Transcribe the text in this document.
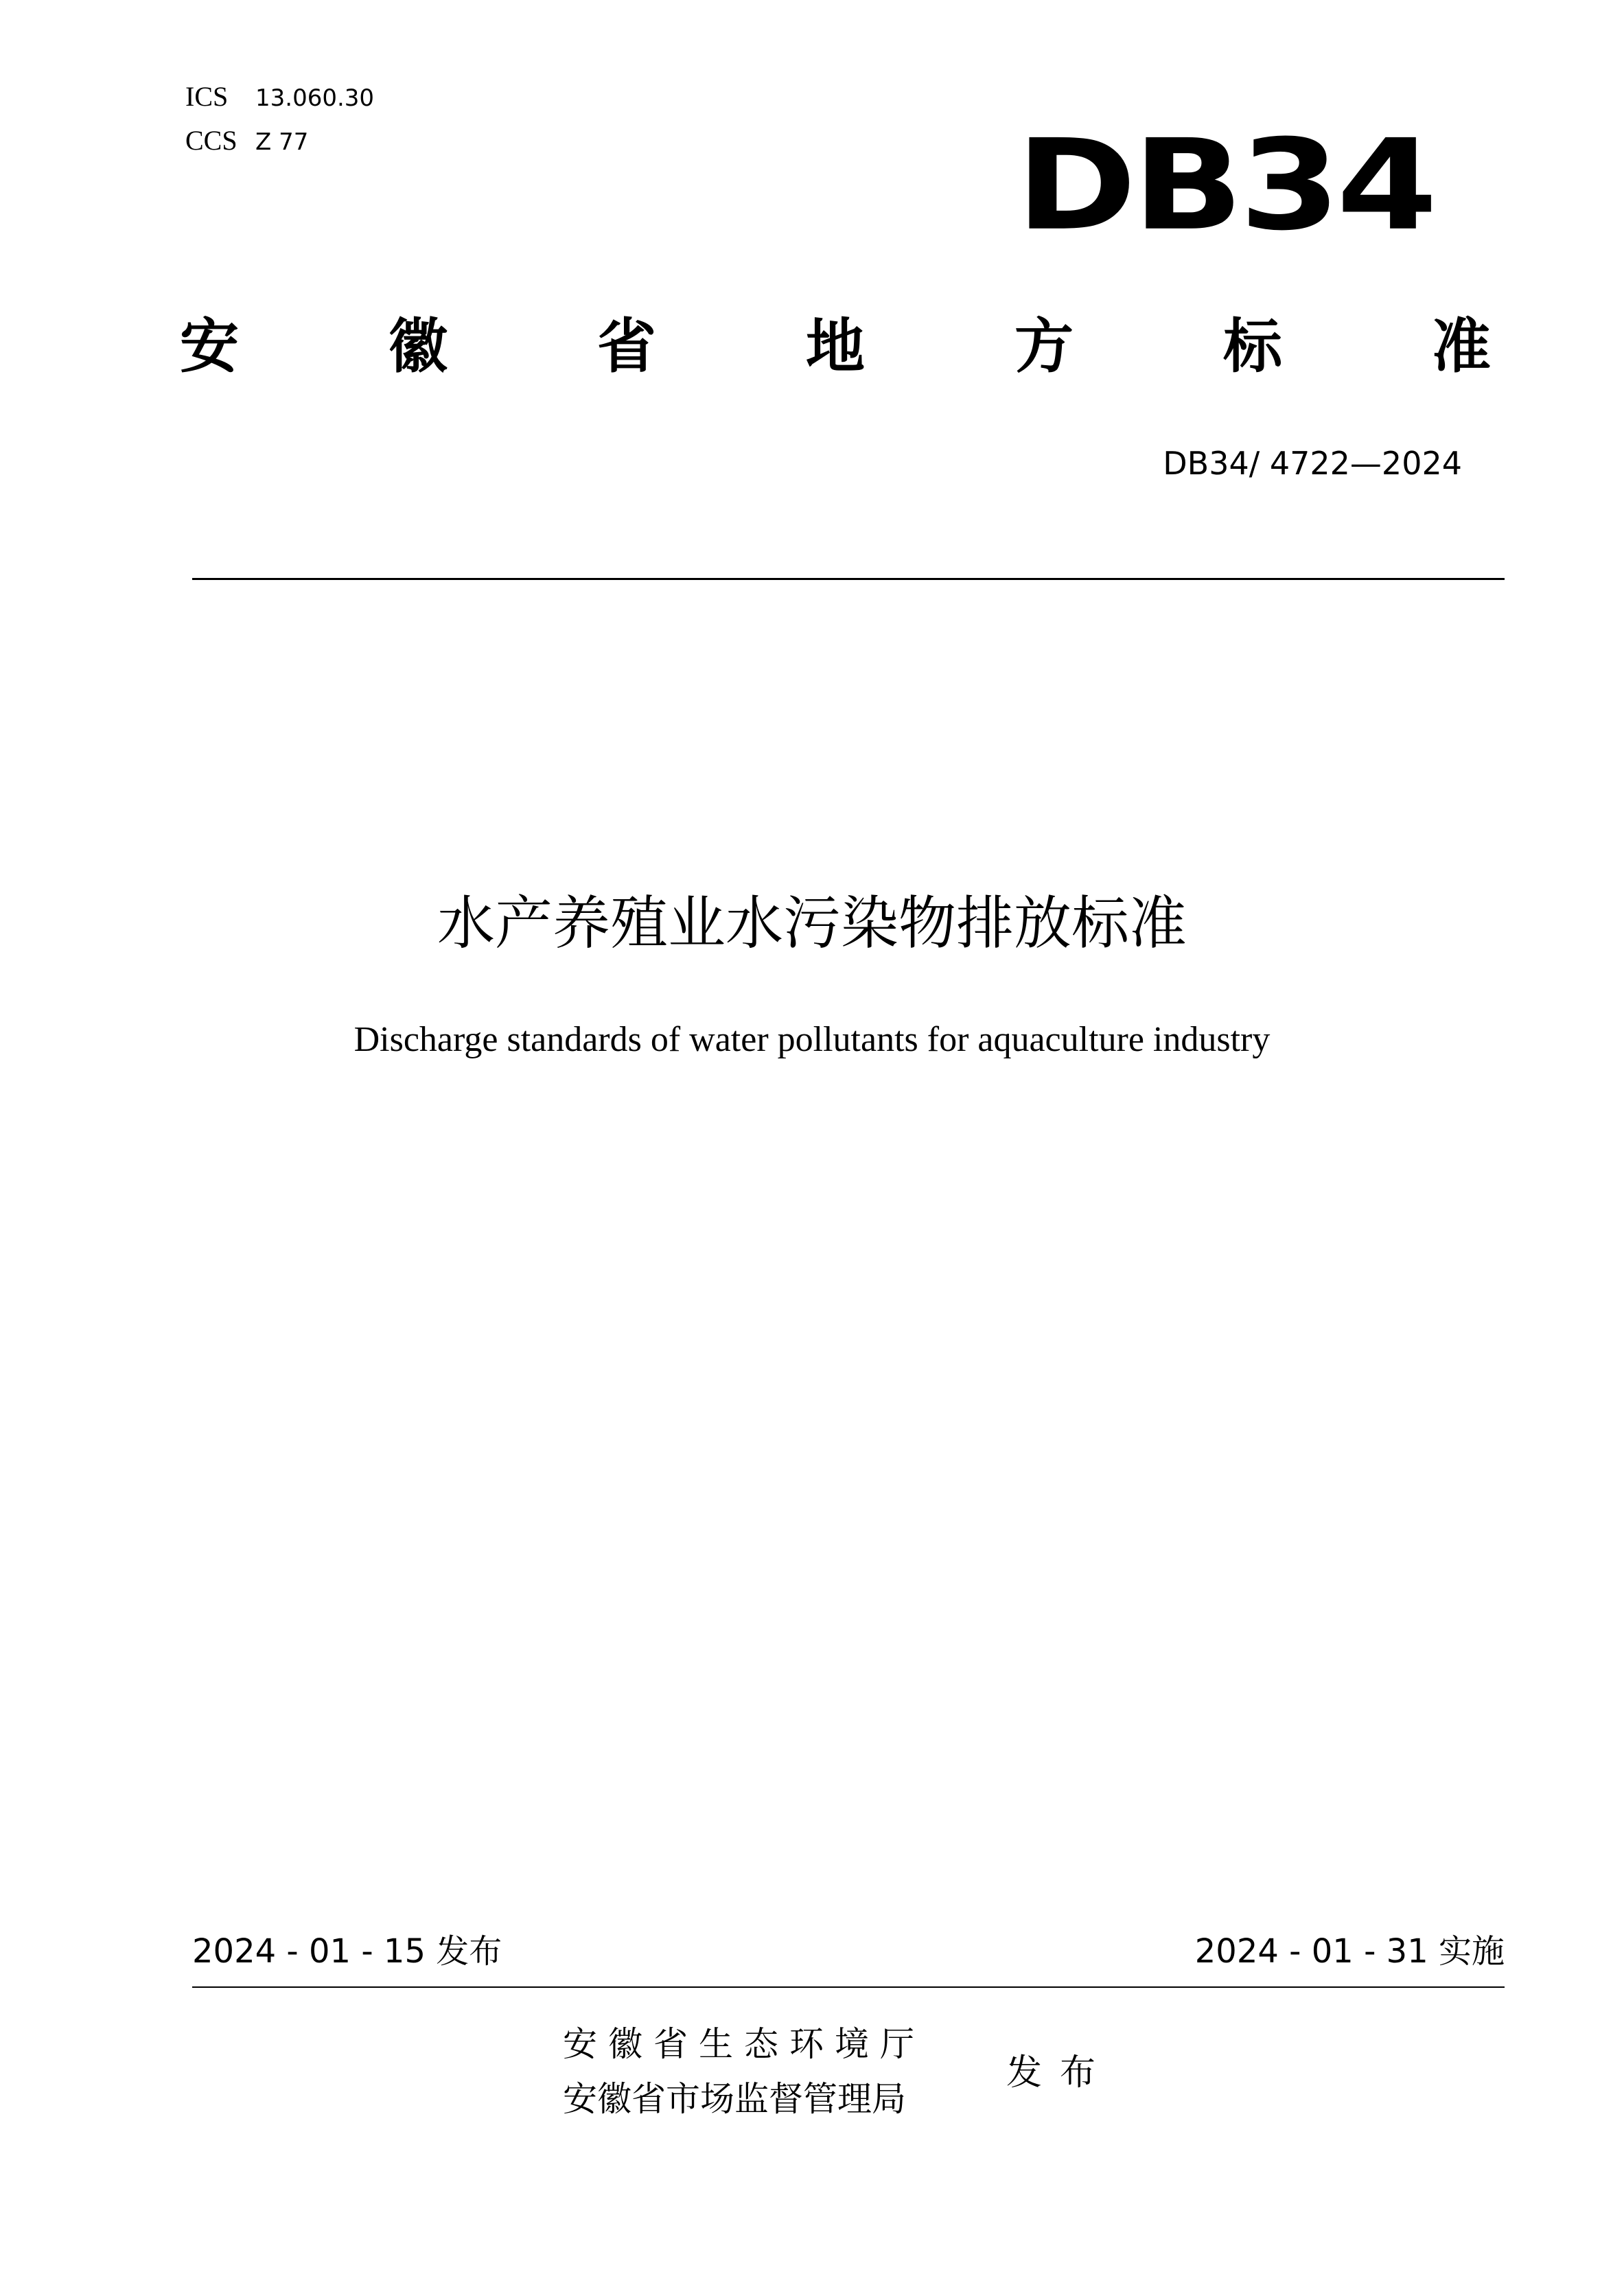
ICS	13.060.30
CCS Z 77	DB34
安	徽	省	地	方	标	准
DB34/ 4722—2024
水产养殖业水污染物排放标准
Discharge standards of water pollutants for aquaculture industry
2024 - 01 - 15 发布	2024 - 01 - 31 实施
安徽省生态环境厅
安徽省市场监督管理局
发布
